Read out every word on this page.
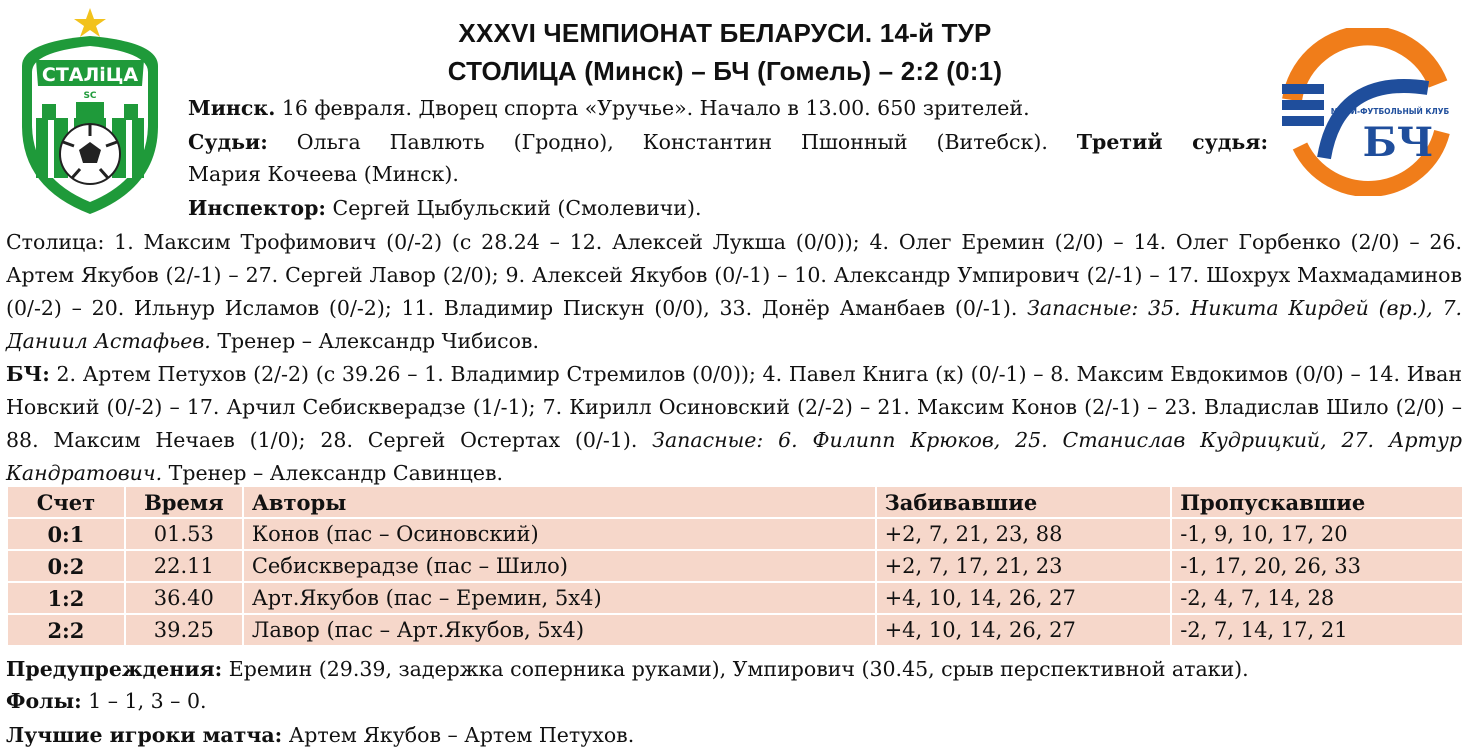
СТАЛіЦА
SC
МФК	МИНИ-ФУТБОЛЬНЫЙ КЛУБ
БЧ
XXXVI ЧЕМПИОНАТ БЕЛАРУСИ. 14-й ТУР
СТОЛИЦА (Минск) – БЧ (Гомель) – 2:2 (0:1)
Минск. 16 февраля. Дворец спорта «Уручье». Начало в 13.00. 650 зрителей.
Судьи: Ольга Павлють (Гродно), Константин Пшонный (Витебск). Третий судья:
Мария Кочеева (Минск).
Инспектор: Сергей Цыбульский (Смолевичи).

Столица: 1. Максим Трофимович (0/-2) (с 28.24 – 12. Алексей Лукша (0/0)); 4. Олег Еремин (2/0) – 14. Олег Горбенко (2/0) – 26. Артем Якубов (2/-1) – 27. Сергей Лавор (2/0); 9. Алексей Якубов (0/-1) – 10. Александр Умпирович (2/-1) – 17. Шохрух Махмадаминов (0/-2) – 20. Ильнур Исламов (0/-2); 11. Владимир Пискун (0/0), 33. Донёр Аманбаев (0/-1). Запасные: 35. Никита Кирдей (вр.), 7. Даниил Астафьев. Тренер – Александр Чибисов.

БЧ: 2. Артем Петухов (2/-2) (с 39.26 – 1. Владимир Стремилов (0/0)); 4. Павел Книга (к) (0/-1) – 8. Максим Евдокимов (0/0) – 14. Иван Новский (0/-2) – 17. Арчил Себискверадзе (1/-1); 7. Кирилл Осиновский (2/-2) – 21. Максим Конов (2/-1) – 23. Владислав Шило (2/0) – 88. Максим Нечаев (1/0); 28. Сергей Остертах (0/-1). Запасные: 6. Филипп Крюков, 25. Станислав Кудрицкий, 27. Артур Кандратович. Тренер – Александр Савинцев.

Счет	Время	Авторы	Забивавшие	Пропускавшие
0:1	01.53	Конов (пас – Осиновский)	+2, 7, 21, 23, 88	-1, 9, 10, 17, 20
0:2	22.11	Себискверадзе (пас – Шило)	+2, 7, 17, 21, 23	-1, 17, 20, 26, 33
1:2	36.40	Арт.Якубов (пас – Еремин, 5х4)	+4, 10, 14, 26, 27	-2, 4, 7, 14, 28
2:2	39.25	Лавор (пас – Арт.Якубов, 5х4)	+4, 10, 14, 26, 27	-2, 7, 14, 17, 21
Предупреждения: Еремин (29.39, задержка соперника руками), Умпирович (30.45, срыв перспективной атаки).
Фолы: 1 – 1, 3 – 0.
Лучшие игроки матча: Артем Якубов – Артем Петухов.
